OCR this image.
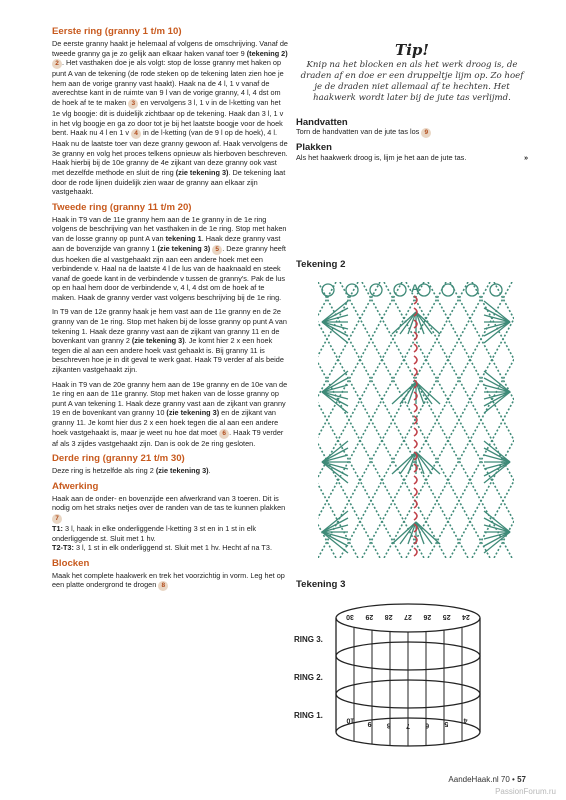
Eerste ring (granny 1 t/m 10)

De eerste granny haakt je helemaal af volgens de omschrijving. Vanaf de tweede granny ga je zo gelijk aan elkaar haken vanaf toer 9 (tekening 2) 2 . Het vasthaken doe je als volgt: stop de losse granny met haken op punt A van de tekening (de rode steken op de tekening laten zien hoe je hem aan de vorige granny vast haakt). Haak na de 4 l, 1 v vanaf de averechtse kant in de ruimte van 9 l van de vorige granny, 4 l, 4 dst om de hoek af te te maken 3 en vervolgens 3 l, 1 v in de l-ketting van het 1e vlg boogje: dit is duidelijk zichtbaar op de tekening. Haak dan 3 l, 1 v in het vlg boogje en ga zo door tot je bij het laatste boogje voor de hoek bent. Haak nu 4 l en 1 v 4 in de l-ketting (van de 9 l op de hoek), 4 l. Haak nu de laatste toer van deze granny gewoon af. Haak vervolgens de 3e granny en volg het proces telkens opnieuw als hierboven beschreven. Haak hierbij bij de 10e granny de 4e zijkant van deze granny ook vast met dezelfde methode en sluit de ring (zie tekening 3). De tekening laat door de rode lijnen duidelijk zien waar de granny aan elkaar zijn vastgehaakt.

Tweede ring (granny 11 t/m 20)

Haak in T9 van de 11e granny hem aan de 1e granny in de 1e ring volgens de beschrijving van het vasthaken in de 1e ring. Stop met haken van de losse granny op punt A van tekening 1. Haak deze granny vast aan de bovenzijde van granny 1 (zie tekening 3) 5 . Deze granny heeft dus hoeken die al vastgehaakt zijn aan een andere hoek met een verbindende v. Haal na de laatste 4 l de lus van de haaknaald en steek vanaf de goede kant in de verbindende v tussen de granny's. Pak de lus op en haal hem door de verbindende v, 4 l, 4 dst om de hoek af te maken. Haak de granny verder vast volgens beschrijving bij de 1e ring.

In T9 van de 12e granny haak je hem vast aan de 11e granny en de 2e granny van de 1e ring. Stop met haken bij de losse granny op punt A van tekening 1. Haak deze granny vast aan de zijkant van granny 11 en de bovenkant van granny 2 (zie tekening 3). Je komt hier 2 x een hoek tegen die al aan een andere hoek vast gehaakt is. Bij granny 11 is beschreven hoe je in dit geval te werk gaat. Haak T9 verder af als beide zijkanten vastgehaakt zijn.

Haak in T9 van de 20e granny hem aan de 19e granny en de 10e van de 1e ring en aan de 11e granny. Stop met haken van de losse granny op punt A van tekening 1. Haak deze granny vast aan de zijkant van granny 19 en de bovenkant van granny 10 (zie tekening 3) en de zijkant van granny 11. Je komt hier dus 2 x een hoek tegen die al aan een andere hoek vastgehaakt is, maar je weet nu hoe dat moet 6 . Haak T9 verder af als 3 zijdes vastgehaakt zijn. Dan is ook de 2e ring gesloten.

Derde ring (granny 21 t/m 30)

Deze ring is hetzelfde als ring 2 (zie tekening 3).

Afwerking

Haak aan de onder- en bovenzijde een afwerkrand van 3 toeren. Dit is nodig om het straks netjes over de randen van de tas te kunnen plakken 7
T1: 3 l, haak in elke onderliggende l-ketting 3 st en in 1 st in elk onderliggende st. Sluit met 1 hv.
T2-T3: 3 l, 1 st in elk onderliggend st. Sluit met 1 hv. Hecht af na T3.

Blocken

Maak het complete haakwerk en trek het voorzichtig in vorm. Leg het op een platte ondergrond te drogen 8

Tip!
Knip na het blocken en als het werk droog is, de draden af en doe er een druppeltje lijm op. Zo hoef je de draden niet allemaal af te hechten. Het haakwerk wordt later bij de jute tas verlijmd.
Handvatten

Torn de handvatten van de jute tas los 9

Plakken

Als het haakwerk droog is, lijm je het aan de jute tas.	»

Tekening 2
A
Tekening 3
30 29 28 27 26 25 24
10 9 8 7 6 5 4
RING 3.
RING 2.
RING 1.
AandeHaak.nl 70 • 57
PassionForum.ru
